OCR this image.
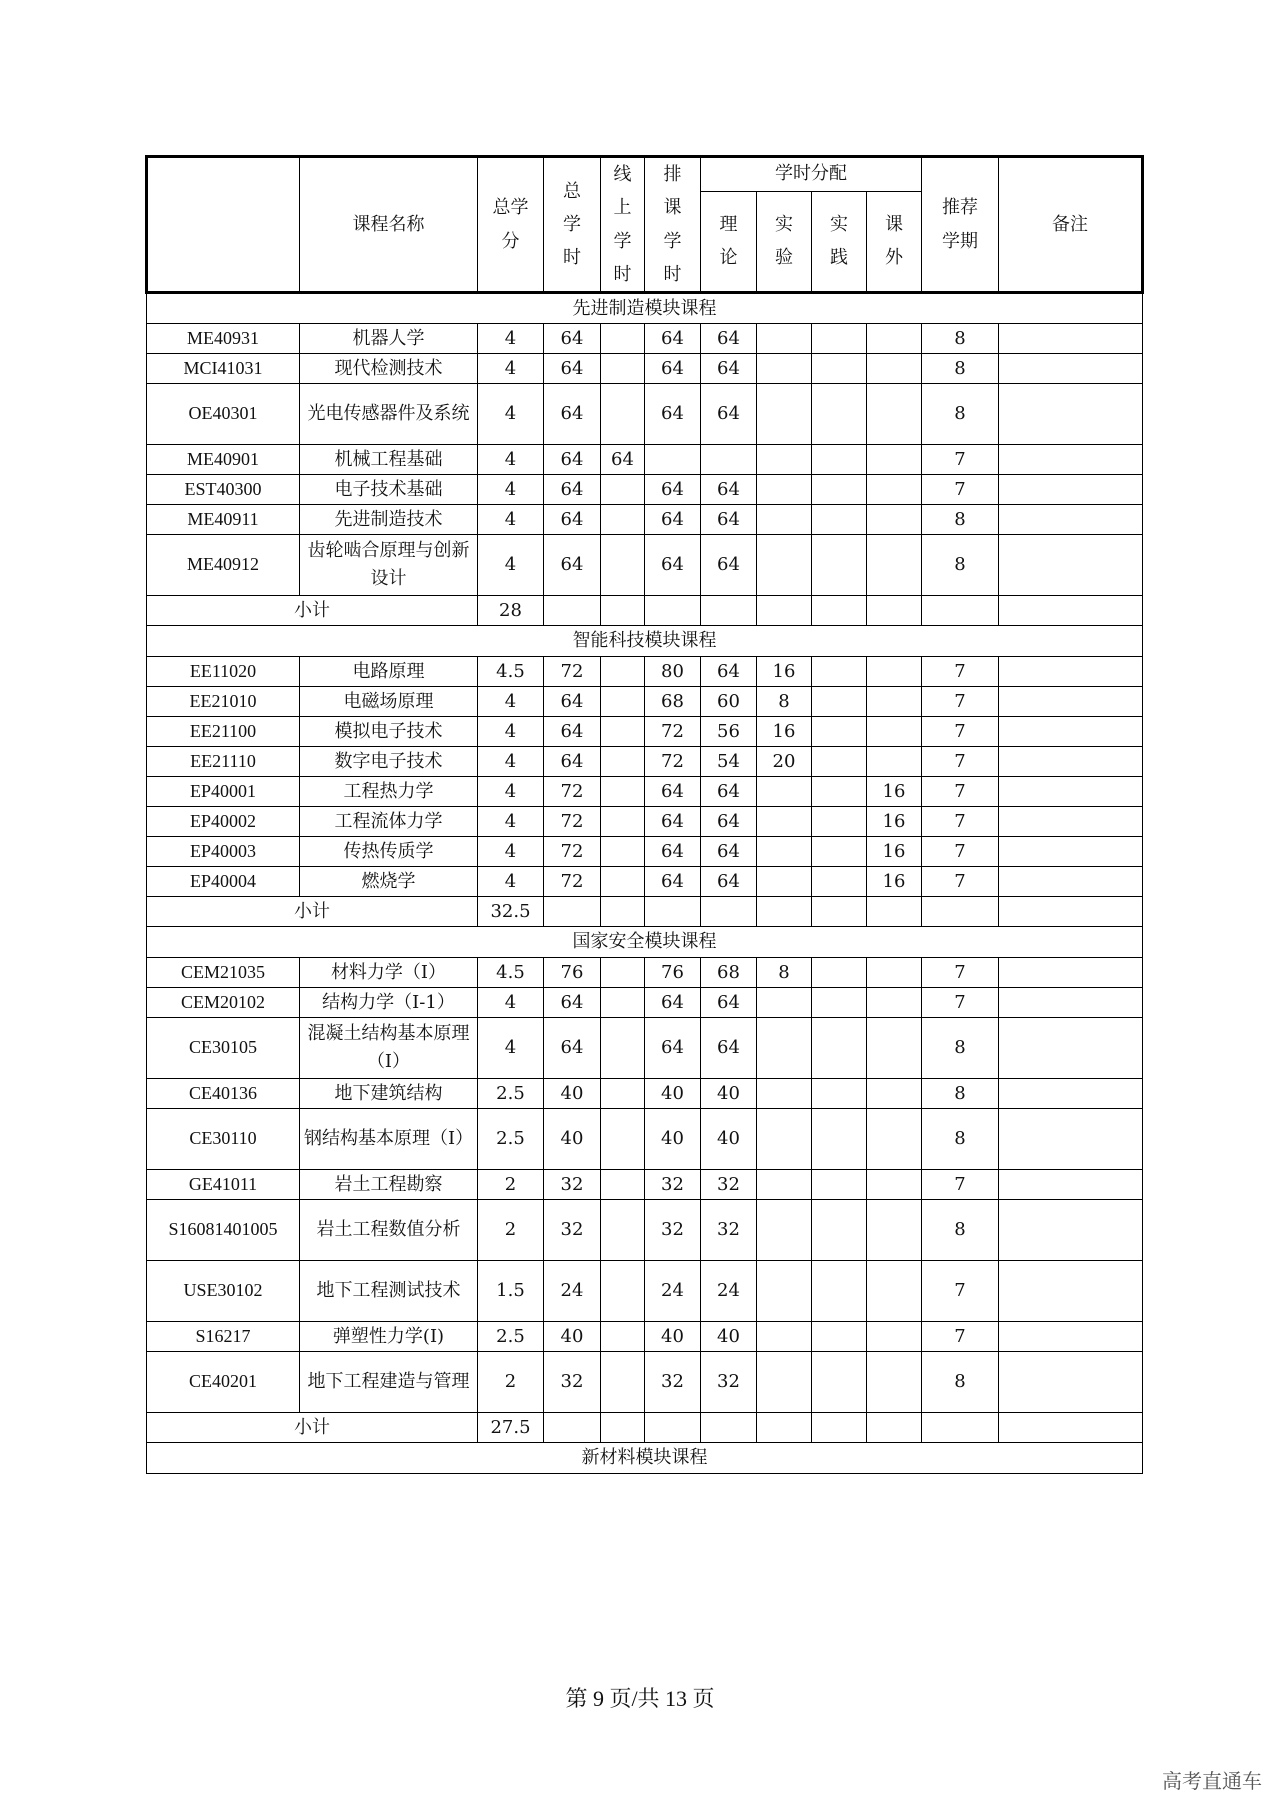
	课程名称	总学分	总学时	线上学时	排课学时	学时分配				推荐学期	备注
						理论	实验	实践	课外		
先进制造模块课程											
ME40931	机器人学	4	64		64	64				8	
MCI41031	现代检测技术	4	64		64	64				8	
OE40301	光电传感器件及系统	4	64		64	64				8	
ME40901	机械工程基础	4	64	64						7	
EST40300	电子技术基础	4	64		64	64				7	
ME40911	先进制造技术	4	64		64	64				8	
ME40912	齿轮啮合原理与创新设计	4	64		64	64				8	
小计		28									
智能科技模块课程											
EE11020	电路原理	4.5	72		80	64	16			7	
EE21010	电磁场原理	4	64		68	60	8			7	
EE21100	模拟电子技术	4	64		72	56	16			7	
EE21110	数字电子技术	4	64		72	54	20			7	
EP40001	工程热力学	4	72		64	64			16	7	
EP40002	工程流体力学	4	72		64	64			16	7	
EP40003	传热传质学	4	72		64	64			16	7	
EP40004	燃烧学	4	72		64	64			16	7	
小计		32.5									
国家安全模块课程											
CEM21035	材料力学（I）	4.5	76		76	68	8			7	
CEM20102	结构力学（I-1）	4	64		64	64				7	
CE30105	混凝土结构基本原理（I）	4	64		64	64				8	
CE40136	地下建筑结构	2.5	40		40	40				8	
CE30110	钢结构基本原理（I）	2.5	40		40	40				8	
GE41011	岩土工程勘察	2	32		32	32				7	
S16081401005	岩土工程数值分析	2	32		32	32				8	
USE30102	地下工程测试技术	1.5	24		24	24				7	
S16217	弹塑性力学(I)	2.5	40		40	40				7	
CE40201	地下工程建造与管理	2	32		32	32				8	
小计		27.5									
新材料模块课程											
第 9 页/共 13 页
高考直通车
